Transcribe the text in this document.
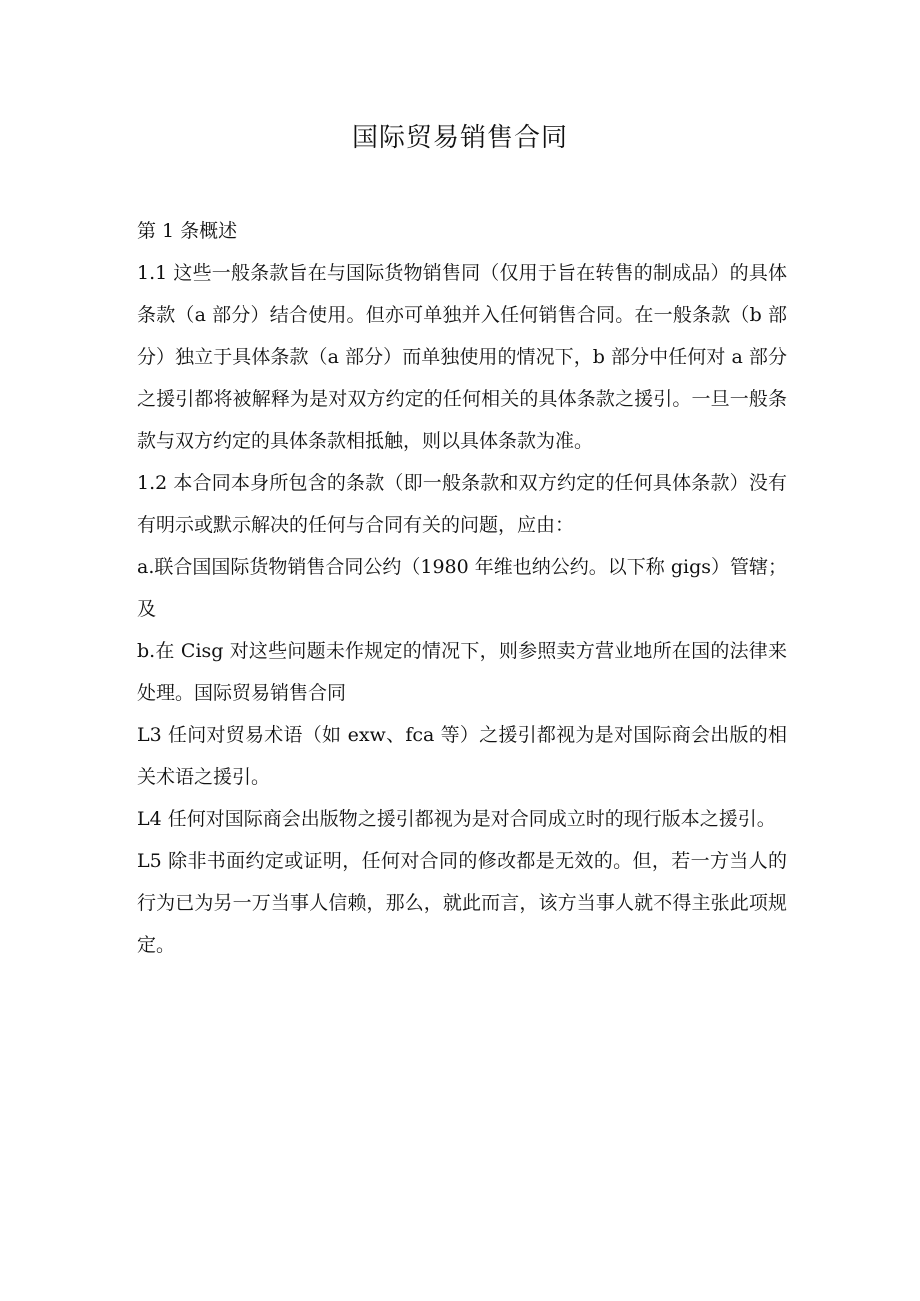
国际贸易销售合同

第 1 条概述

1.1 这些一般条款旨在与国际货物销售同（仅用于旨在转售的制成品）的具体条款（a 部分）结合使用。但亦可单独并入任何销售合同。在一般条款（b 部分）独立于具体条款（a 部分）而单独使用的情况下，b 部分中任何对 a 部分之援引都将被解释为是对双方约定的任何相关的具体条款之援引。一旦一般条款与双方约定的具体条款相抵触，则以具体条款为准。

1.2 本合同本身所包含的条款（即一般条款和双方约定的任何具体条款）没有有明示或默示解决的任何与合同有关的问题，应由：

a.联合国国际货物销售合同公约（1980 年维也纳公约。以下称 gigs）管辖；及

b.在 Cisg 对这些问题未作规定的情况下，则参照卖方营业地所在国的法律来处理。国际贸易销售合同

L3 任问对贸易术语（如 exw、fca 等）之援引都视为是对国际商会出版的相关术语之援引。

L4 任何对国际商会出版物之援引都视为是对合同成立时的现行版本之援引。

L5 除非书面约定或证明，任何对合同的修改都是无效的。但，若一方当人的行为已为另一万当事人信赖，那么，就此而言，该方当事人就不得主张此项规定。
